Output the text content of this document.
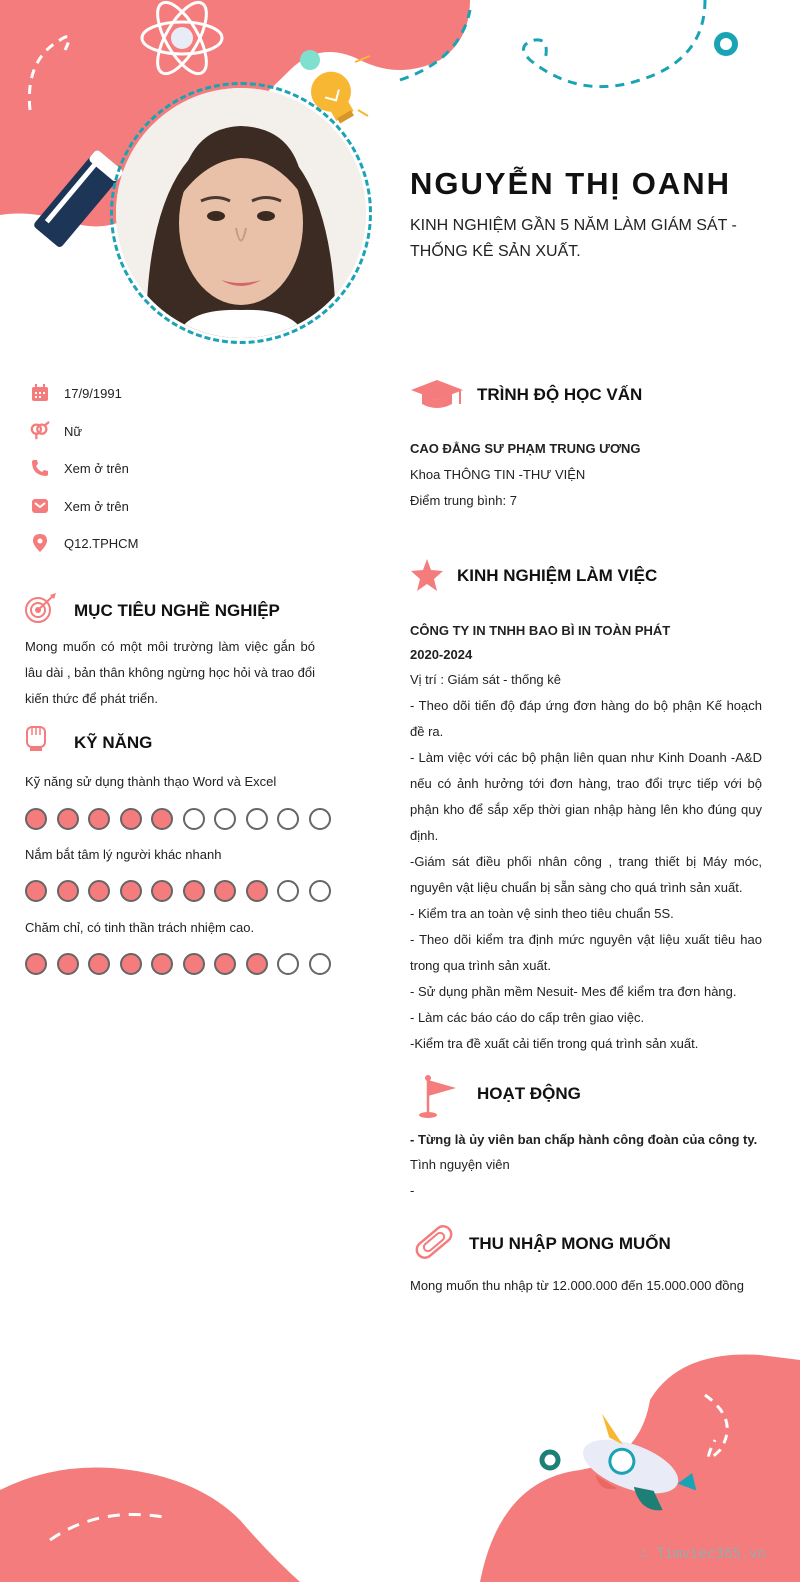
NGUYỄN THỊ OANH
KINH NGHIỆM GẦN 5 NĂM LÀM GIÁM SÁT - THỐNG KÊ SẢN XUẤT.
17/9/1991
Nữ
Xem ở trên
Xem ở trên
Q12.TPHCM
MỤC TIÊU NGHỀ NGHIỆP
Mong muốn có một môi trường làm việc gắn bó lâu dài , bản thân không ngừng học hỏi và trao đổi kiến thức để phát triển.
KỸ NĂNG
Kỹ năng sử dụng thành thạo Word và Excel
Nắm bắt tâm lý người khác nhanh
Chăm chỉ, có tinh thần trách nhiệm cao.
TRÌNH ĐỘ HỌC VẤN
CAO ĐẲNG SƯ PHẠM TRUNG ƯƠNG
Khoa THÔNG TIN -THƯ VIỆN
Điểm trung bình: 7
KINH NGHIỆM LÀM VIỆC
CÔNG TY IN TNHH BAO BÌ IN TOÀN PHÁT
2020-2024
Vị trí : Giám sát - thống kê
- Theo dõi tiến độ đáp ứng đơn hàng do bộ phận Kế hoạch đề ra.
- Làm việc với các bộ phận liên quan như Kinh Doanh -A&D nếu có ảnh hưởng tới đơn hàng, trao đổi trực tiếp với bộ phận kho để sắp xếp thời gian nhập hàng lên kho đúng quy định.
-Giám sát điều phối nhân công , trang thiết bị Máy móc, nguyên vật liệu chuẩn bị sẵn sàng cho quá trình sản xuất.
- Kiểm tra an toàn vệ sinh theo tiêu chuẩn 5S.
- Theo dõi kiểm tra định mức nguyên vật liệu xuất tiêu hao trong qua trình sản xuất.
- Sử dụng phần mềm Nesuit- Mes để kiểm tra đơn hàng.
- Làm các báo cáo do cấp trên giao việc.
-Kiểm tra đề xuất cải tiến trong quá trình sản xuất.
HOẠT ĐỘNG
- Từng là ủy viên ban chấp hành công đoàn của công ty.
Tình nguyện viên
-
THU NHẬP MONG MUỐN
Mong muốn thu nhập từ 12.000.000 đến 15.000.000 đồng
∴ Timviec365.vn
